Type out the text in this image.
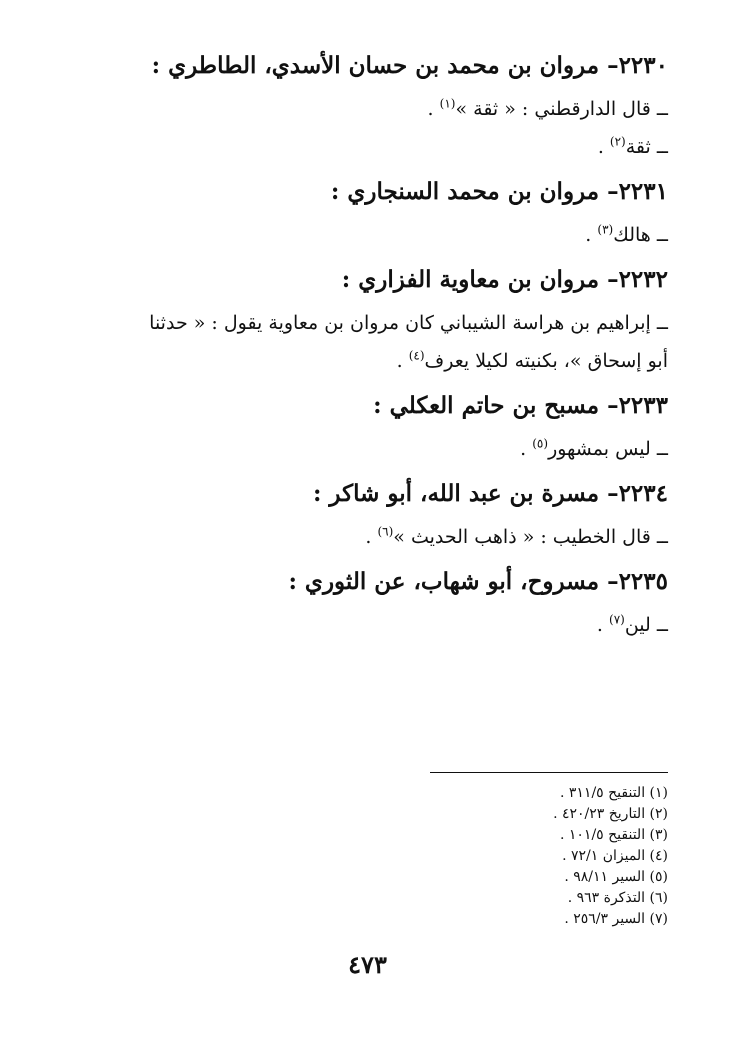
٢٢٣٠– مروان بن محمد بن حسان الأسدي، الطاطري :
ــ قال الدارقطني : « ثقة »$^{(١)}$ .
ــ ثقة$^{(٢)}$ .
٢٢٣١– مروان بن محمد السنجاري :
ــ هالك$^{(٣)}$ .
٢٢٣٢– مروان بن معاوية الفزاري :
ــ إبراهيم بن هراسة الشيباني كان مروان بن معاوية يقول : « حدثنا
أبو إسحاق »، بكنيته لكيلا يعرف$^{(٤)}$ .
٢٢٣٣– مسبح بن حاتم العكلي :
ــ ليس بمشهور$^{(٥)}$ .
٢٢٣٤– مسرة بن عبد الله، أبو شاكر :
ــ قال الخطيب : « ذاهب الحديث »$^{(٦)}$ .
٢٢٣٥– مسروح، أبو شهاب، عن الثوري :
ــ لين$^{(٧)}$ .
(١) التنقيح ٣١١/٥ .
(٢) التاريخ ٤٢٠/٢٣ .
(٣) التنقيح ١٠١/٥ .
(٤) الميزان ٧٢/١ .
(٥) السير ٩٨/١١ .
(٦) التذكرة ٩٦٣ .
(٧) السير ٢٥٦/٣ .
٤٧٣
